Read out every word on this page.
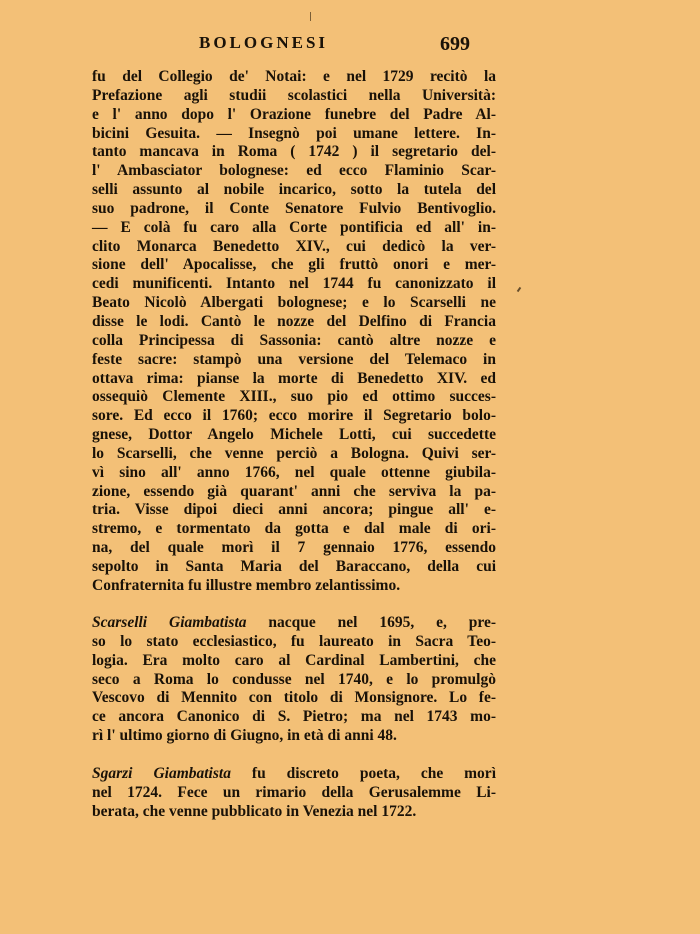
BOLOGNESI	699
fu del Collegio de' Notai: e nel 1729 recitò la
Prefazione agli studii scolastici nella Università:
e l' anno dopo l' Orazione funebre del Padre Al-
bicini Gesuita. — Insegnò poi umane lettere. In-
tanto mancava in Roma ( 1742 ) il segretario del-
l' Ambasciator bolognese: ed ecco Flaminio Scar-
selli assunto al nobile incarico, sotto la tutela del
suo padrone, il Conte Senatore Fulvio Bentivoglio.
— E colà fu caro alla Corte pontificia ed all' in-
clito Monarca Benedetto XIV., cui dedicò la ver-
sione dell' Apocalisse, che gli fruttò onori e mer-
cedi munificenti. Intanto nel 1744 fu canonizzato il
Beato Nicolò Albergati bolognese; e lo Scarselli ne
disse le lodi. Cantò le nozze del Delfino di Francia
colla Principessa di Sassonia: cantò altre nozze e
feste sacre: stampò una versione del Telemaco in
ottava rima: pianse la morte di Benedetto XIV. ed
ossequiò Clemente XIII., suo pio ed ottimo succes-
sore. Ed ecco il 1760; ecco morire il Segretario bolo-
gnese, Dottor Angelo Michele Lotti, cui succedette
lo Scarselli, che venne perciò a Bologna. Quivi ser-
vì sino all' anno 1766, nel quale ottenne giubila-
zione, essendo già quarant' anni che serviva la pa-
tria. Visse dipoi dieci anni ancora; pingue all' e-
stremo, e tormentato da gotta e dal male di ori-
na, del quale morì il 7 gennaio 1776, essendo
sepolto in Santa Maria del Baraccano, della cui
Confraternita fu illustre membro zelantissimo.
Scarselli Giambatista nacque nel 1695, e, pre-
so lo stato ecclesiastico, fu laureato in Sacra Teo-
logia. Era molto caro al Cardinal Lambertini, che
seco a Roma lo condusse nel 1740, e lo promulgò
Vescovo di Mennito con titolo di Monsignore. Lo fe-
ce ancora Canonico di S. Pietro; ma nel 1743 mo-
rì l' ultimo giorno di Giugno, in età di anni 48.
Sgarzi Giambatista fu discreto poeta, che morì
nel 1724. Fece un rimario della Gerusalemme Li-
berata, che venne pubblicato in Venezia nel 1722.
